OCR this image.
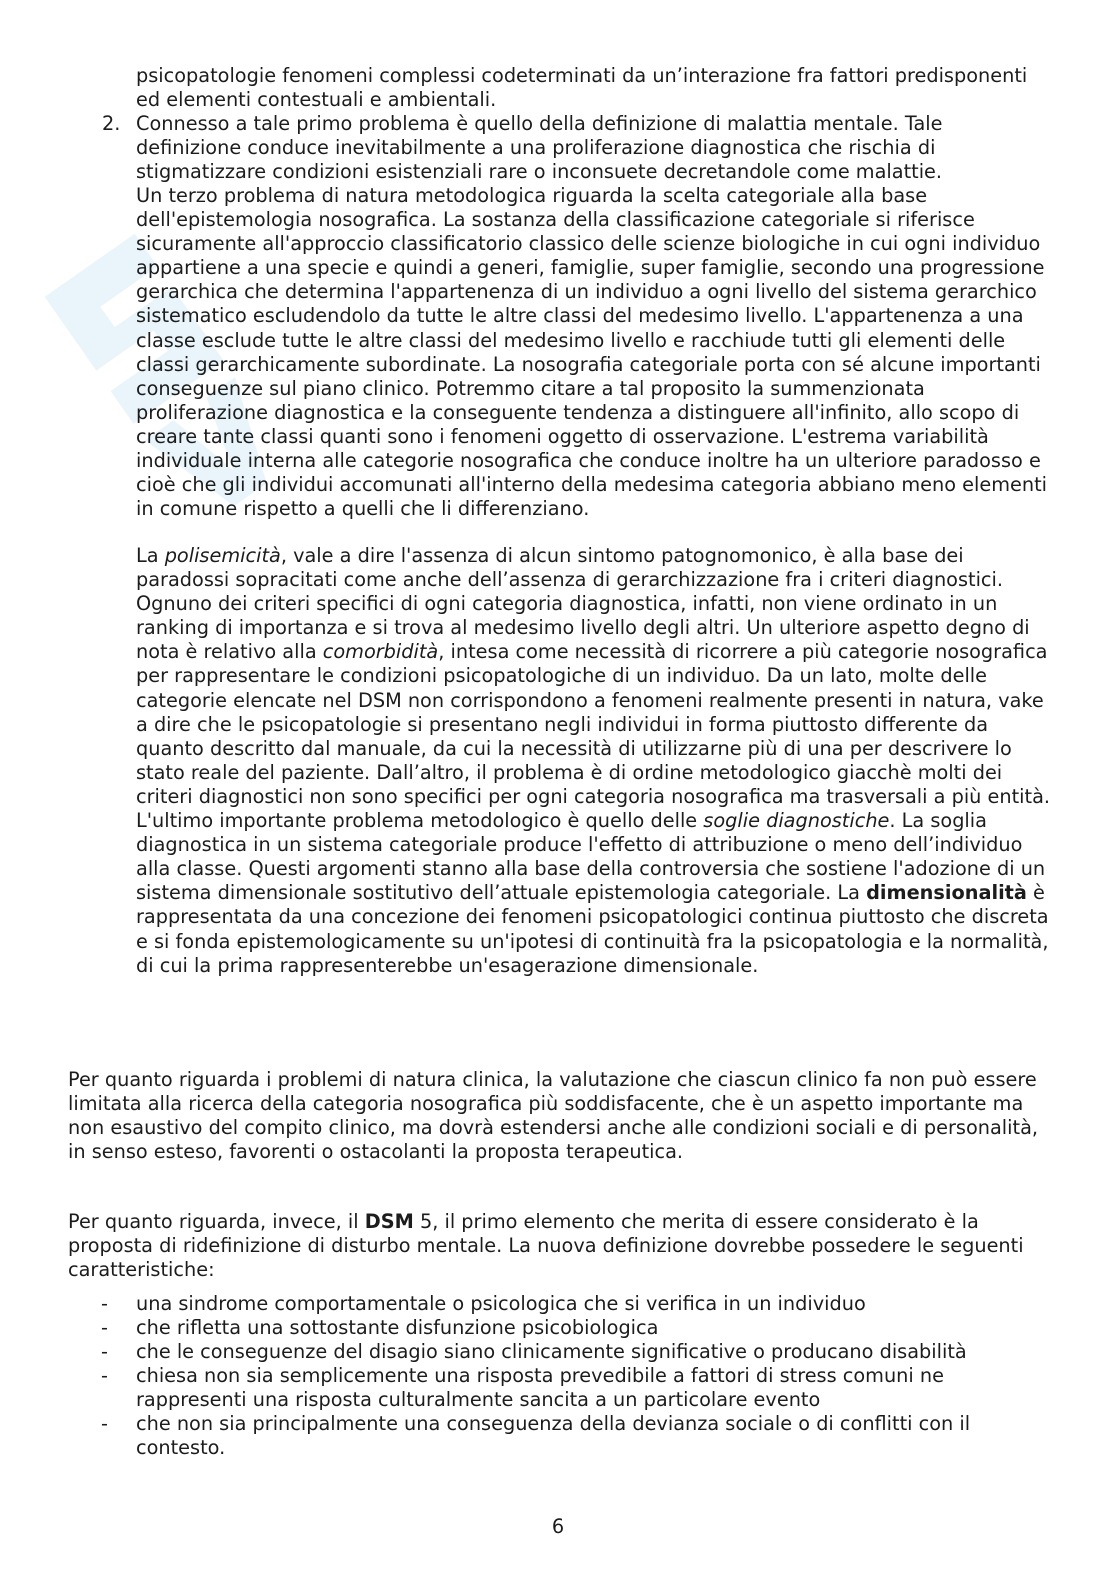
psicopatologie fenomeni complessi codeterminati da un’interazione fra fattori predisponenti ed elementi contestuali e ambientali.

2. Connesso a tale primo problema è quello della definizione di malattia mentale. Tale definizione conduce inevitabilmente a una proliferazione diagnostica che rischia di stigmatizzare condizioni esistenziali rare o inconsuete decretandole come malattie.

Un terzo problema di natura metodologica riguarda la scelta categoriale alla base dell'epistemologia nosografica. La sostanza della classificazione categoriale si riferisce sicuramente all'approccio classificatorio classico delle scienze biologiche in cui ogni individuo appartiene a una specie e quindi a generi, famiglie, super famiglie, secondo una progressione gerarchica che determina l'appartenenza di un individuo a ogni livello del sistema gerarchico sistematico escludendolo da tutte le altre classi del medesimo livello. L'appartenenza a una classe esclude tutte le altre classi del medesimo livello e racchiude tutti gli elementi delle classi gerarchicamente subordinate. La nosografia categoriale porta con sé alcune importanti conseguenze sul piano clinico. Potremmo citare a tal proposito la summenzionata proliferazione diagnostica e la conseguente tendenza a distinguere all'infinito, allo scopo di creare tante classi quanti sono i fenomeni oggetto di osservazione. L'estrema variabilità individuale interna alle categorie nosografica che conduce inoltre ha un ulteriore paradosso e cioè che gli individui accomunati all'interno della medesima categoria abbiano meno elementi in comune rispetto a quelli che li differenziano.

La polisemicità, vale a dire l'assenza di alcun sintomo patognomonico, è alla base dei paradossi sopracitati come anche dell’assenza di gerarchizzazione fra i criteri diagnostici. Ognuno dei criteri specifici di ogni categoria diagnostica, infatti, non viene ordinato in un ranking di importanza e si trova al medesimo livello degli altri. Un ulteriore aspetto degno di nota è relativo alla comorbidità, intesa come necessità di ricorrere a più categorie nosografica per rappresentare le condizioni psicopatologiche di un individuo. Da un lato, molte delle categorie elencate nel DSM non corrispondono a fenomeni realmente presenti in natura, vake a dire che le psicopatologie si presentano negli individui in forma piuttosto differente da quanto descritto dal manuale, da cui la necessità di utilizzarne più di una per descrivere lo stato reale del paziente. Dall’altro, il problema è di ordine metodologico giacchè molti dei criteri diagnostici non sono specifici per ogni categoria nosografica ma trasversali a più entità. L'ultimo importante problema metodologico è quello delle soglie diagnostiche. La soglia diagnostica in un sistema categoriale produce l'effetto di attribuzione o meno dell’individuo alla classe. Questi argomenti stanno alla base della controversia che sostiene l'adozione di un sistema dimensionale sostitutivo dell’attuale epistemologia categoriale. La dimensionalità è rappresentata da una concezione dei fenomeni psicopatologici continua piuttosto che discreta e si fonda epistemologicamente su un'ipotesi di continuità fra la psicopatologia e la normalità, di cui la prima rappresenterebbe un'esagerazione dimensionale.

Per quanto riguarda i problemi di natura clinica, la valutazione che ciascun clinico fa non può essere limitata alla ricerca della categoria nosografica più soddisfacente, che è un aspetto importante ma non esaustivo del compito clinico, ma dovrà estendersi anche alle condizioni sociali e di personalità, in senso esteso, favorenti o ostacolanti la proposta terapeutica.

Per quanto riguarda, invece, il DSM 5, il primo elemento che merita di essere considerato è la proposta di ridefinizione di disturbo mentale. La nuova definizione dovrebbe possedere le seguenti caratteristiche:

- una sindrome comportamentale o psicologica che si verifica in un individuo

- che rifletta una sottostante disfunzione psicobiologica

- che le conseguenze del disagio siano clinicamente significative o producano disabilità

- chiesa non sia semplicemente una risposta prevedibile a fattori di stress comuni ne rappresenti una risposta culturalmente sancita a un particolare evento

- che non sia principalmente una conseguenza della devianza sociale o di conflitti con il contesto.

6
